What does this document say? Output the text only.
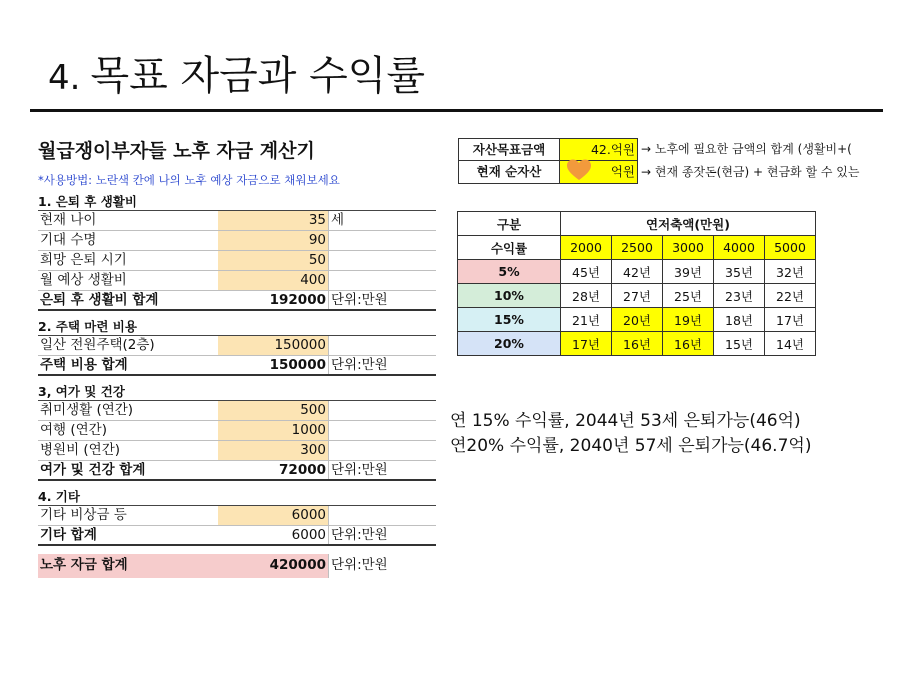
4. 목표 자금과 수익률
월급쟁이부자들 노후 자금 계산기
*사용방법: 노란색 칸에 나의 노후 예상 자금으로 채워보세요
1. 은퇴 후 생활비
현재 나이	35 세
기대 수명	90
희망 은퇴 시기	50
월 예상 생활비	400
은퇴 후 생활비 합계	192000 단위:만원
2. 주택 마련 비용
일산 전원주택(2층)	150000
주택 비용 합계	150000 단위:만원
3, 여가 및 건강
취미생활 (연간)	500
여행 (연간)	1000
병원비 (연간)	300
여가 및 건강 합계	72000 단위:만원
4. 기타
기타 비상금 등	6000
기타 합계	6000 단위:만원
노후 자금 합계	420000 단위:만원
자산목표금액	42.억원 → 노후에 필요한 금액의 합계 (생활비+(
현재 순자산	억원 → 현재 종잣돈(현금) + 현금화 할 수 있는
구분	연저축액(만원)				
수익률	2000	2500	3000	4000	5000
5%	45년	42년	39년	35년	32년
10%	28년	27년	25년	23년	22년
15%	21년	20년	19년	18년	17년
20%	17년	16년	16년	15년	14년
연 15% 수익률, 2044년 53세 은퇴가능(46억)
연20% 수익률, 2040년 57세 은퇴가능(46.7억)
